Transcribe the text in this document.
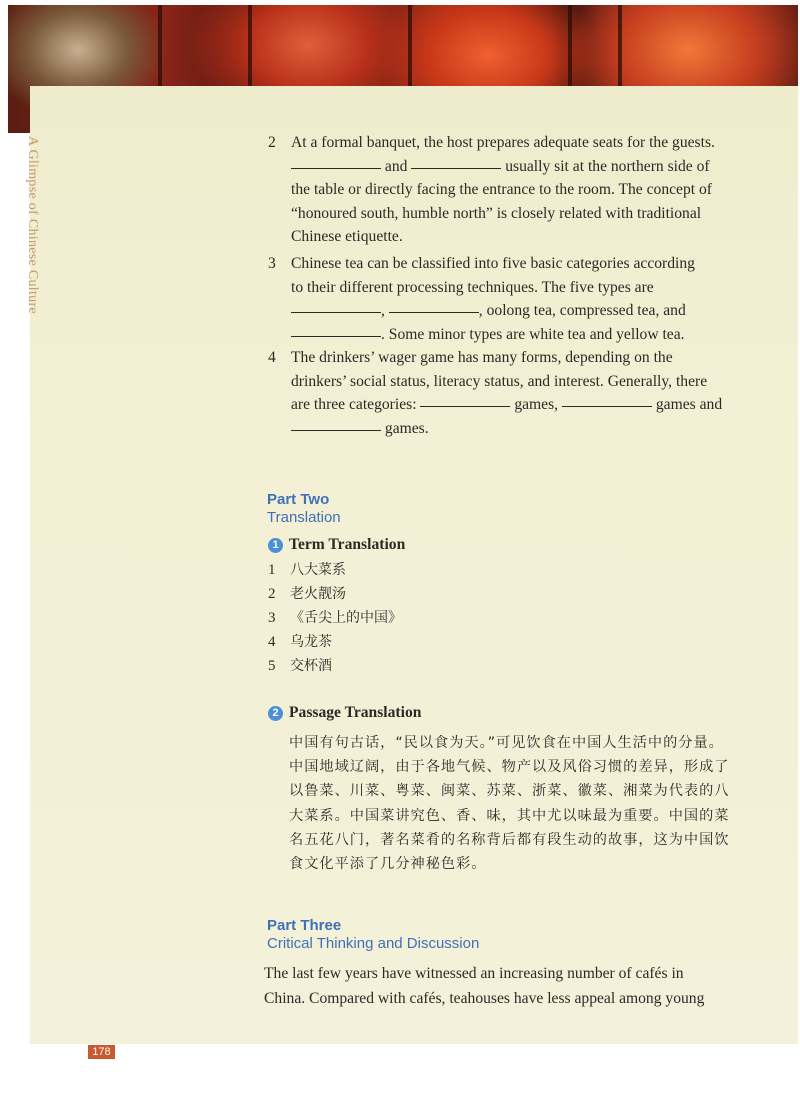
A Glimpse of Chinese Culture	2 At a formal banquet, the host prepares adequate seats for the guests.
and	usually sit at the northern side of
the table or directly facing the entrance to the room. The concept of
“honoured south, humble north” is closely related with traditional
Chinese etiquette.
3 Chinese tea can be classified into five basic categories according
to their different processing techniques. The five types are
,	, oolong tea, compressed tea, and
. Some minor types are white tea and yellow tea.
4 The drinkers’ wager game has many forms, depending on the
drinkers’ social status, literacy status, and interest. Generally, there
are three categories:	games,	games and
games.
Part Two
Translation
1 Term Translation
1 八大菜系
2 老火靓汤
3 《舌尖上的中国》
4 乌龙茶
5 交杯酒
2 Passage Translation
中国有句古话，“民以食为天。”可见饮食在中国人生活中的分量。
中国地域辽阔，由于各地气候、物产以及风俗习惯的差异，形成了
以鲁菜、川菜、粤菜、闽菜、苏菜、浙菜、徽菜、湘菜为代表的八
大菜系。中国菜讲究色、香、味，其中尤以味最为重要。中国的菜
名五花八门，著名菜肴的名称背后都有段生动的故事，这为中国饮
食文化平添了几分神秘色彩。
Part Three
Critical Thinking and Discussion
The last few years have witnessed an increasing number of cafés in
China. Compared with cafés, teahouses have less appeal among young
178
